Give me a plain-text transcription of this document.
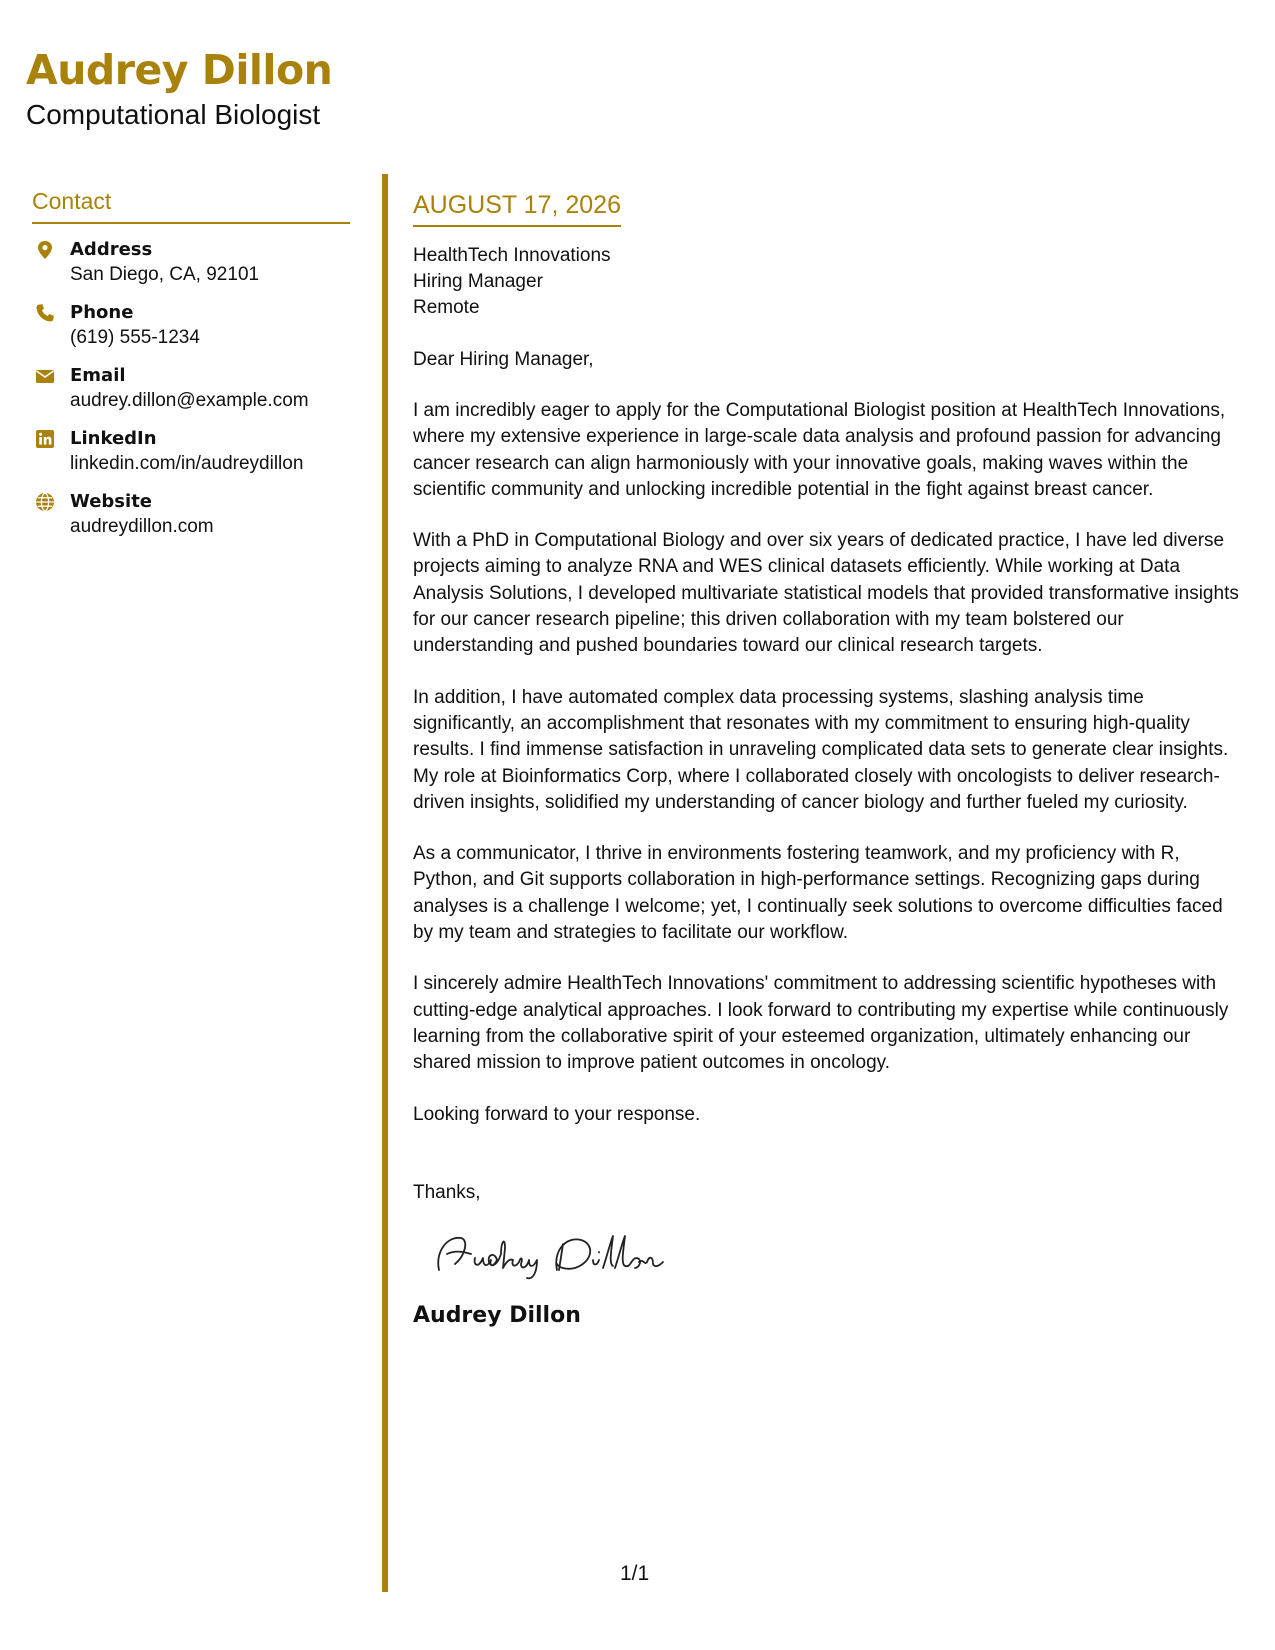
Audrey Dillon
Computational Biologist
Contact
Address
San Diego, CA, 92101
Phone
(619) 555-1234
Email
audrey.dillon@example.com
LinkedIn
linkedin.com/in/audreydillon
Website
audreydillon.com
AUGUST 17, 2026
HealthTech Innovations
Hiring Manager
Remote
Dear Hiring Manager,

I am incredibly eager to apply for the Computational Biologist position at HealthTech Innovations, where my extensive experience in large-scale data analysis and profound passion for advancing cancer research can align harmoniously with your innovative goals, making waves within the scientific community and unlocking incredible potential in the fight against breast cancer.

With a PhD in Computational Biology and over six years of dedicated practice, I have led diverse projects aiming to analyze RNA and WES clinical datasets efficiently. While working at Data Analysis Solutions, I developed multivariate statistical models that provided transformative insights for our cancer research pipeline; this driven collaboration with my team bolstered our understanding and pushed boundaries toward our clinical research targets.

In addition, I have automated complex data processing systems, slashing analysis time significantly, an accomplishment that resonates with my commitment to ensuring high-quality results. I find immense satisfaction in unraveling complicated data sets to generate clear insights. My role at Bioinformatics Corp, where I collaborated closely with oncologists to deliver research-driven insights, solidified my understanding of cancer biology and further fueled my curiosity.

As a communicator, I thrive in environments fostering teamwork, and my proficiency with R, Python, and Git supports collaboration in high-performance settings. Recognizing gaps during analyses is a challenge I welcome; yet, I continually seek solutions to overcome difficulties faced by my team and strategies to facilitate our workflow.

I sincerely admire HealthTech Innovations' commitment to addressing scientific hypotheses with cutting-edge analytical approaches. I look forward to contributing my expertise while continuously learning from the collaborative spirit of your esteemed organization, ultimately enhancing our shared mission to improve patient outcomes in oncology.

Looking forward to your response.

Thanks,
Audrey Dillon
1/1
